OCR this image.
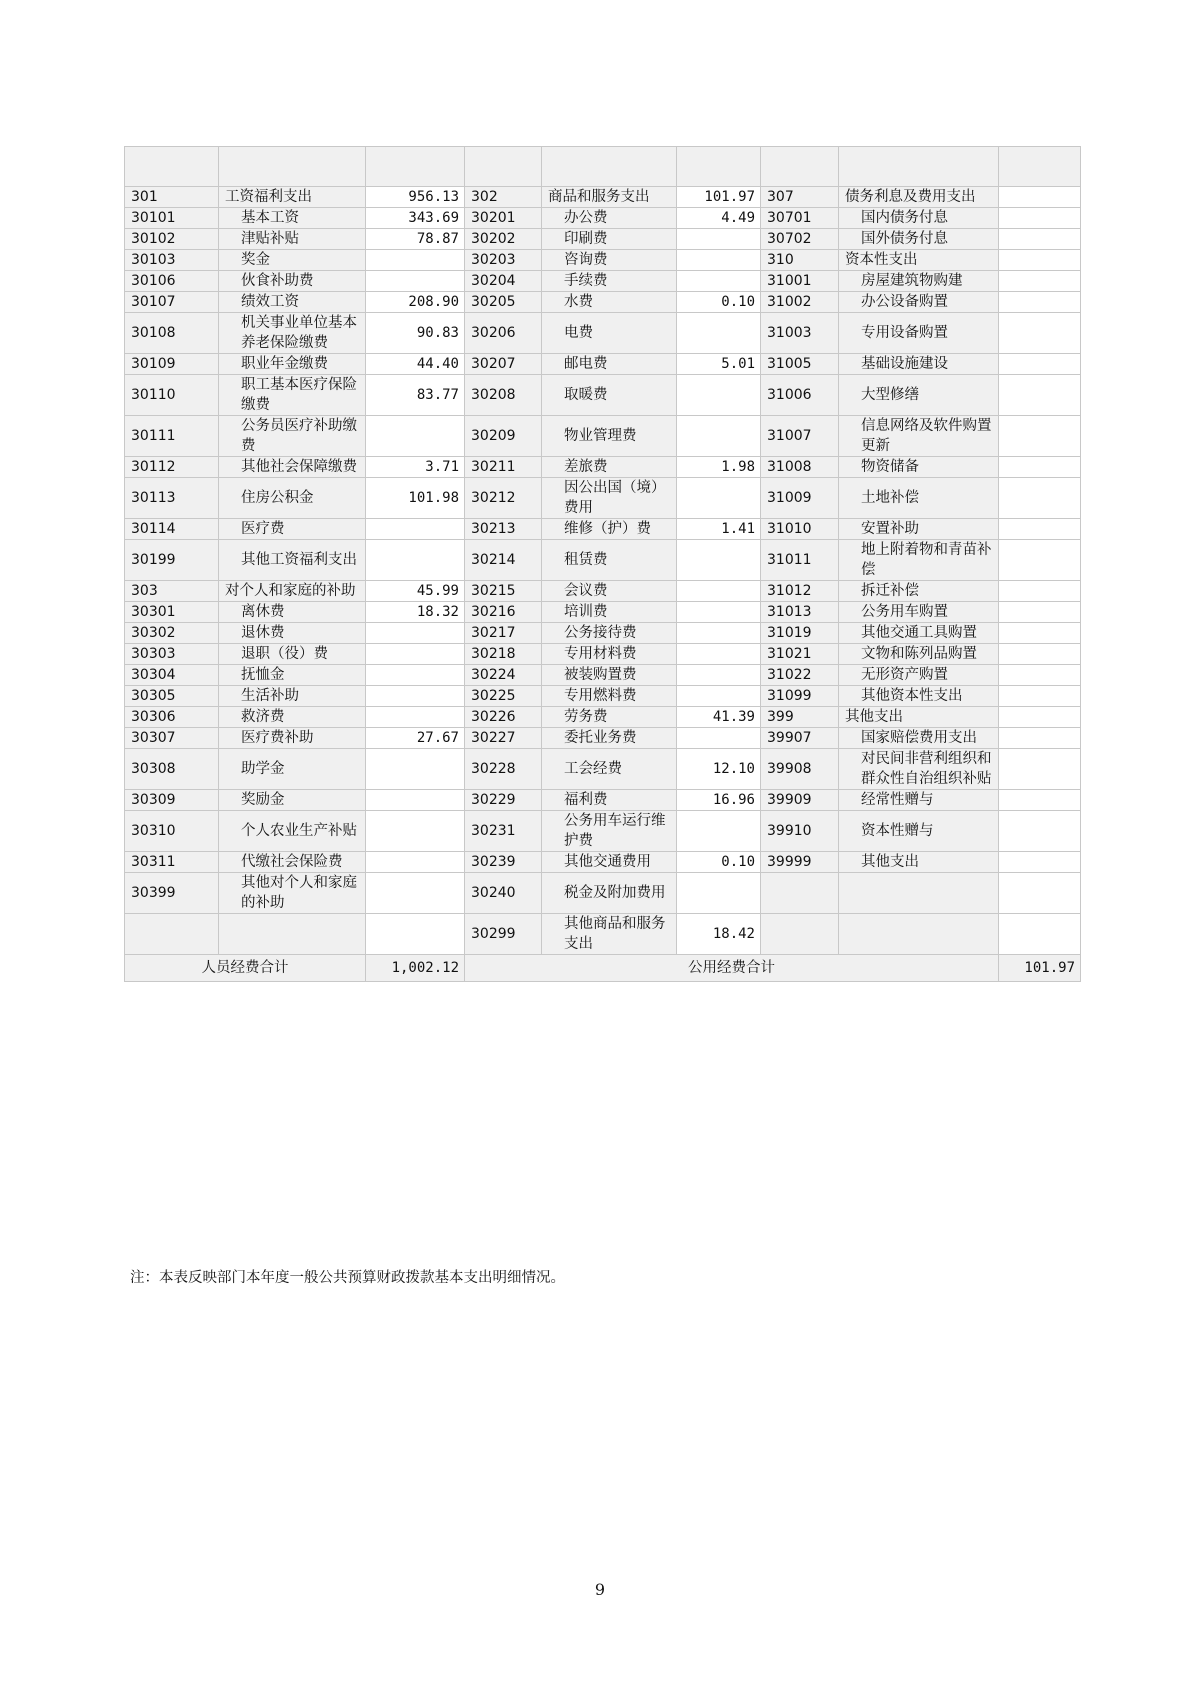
301	工资福利支出	956.13	302	商品和服务支出	101.97	307	债务利息及费用支出	
30101	基本工资	343.69	30201	办公费	4.49	30701	国内债务付息	
30102	津贴补贴	78.87	30202	印刷费		30702	国外债务付息	
30103	奖金		30203	咨询费		310	资本性支出	
30106	伙食补助费		30204	手续费		31001	房屋建筑物购建	
30107	绩效工资	208.90	30205	水费	0.10	31002	办公设备购置	
30108	机关事业单位基本养老保险缴费	90.83	30206	电费		31003	专用设备购置	
30109	职业年金缴费	44.40	30207	邮电费	5.01	31005	基础设施建设	
30110	职工基本医疗保险缴费	83.77	30208	取暖费		31006	大型修缮	
30111	公务员医疗补助缴费		30209	物业管理费		31007	信息网络及软件购置更新	
30112	其他社会保障缴费	3.71	30211	差旅费	1.98	31008	物资储备	
30113	住房公积金	101.98	30212	因公出国（境）费用		31009	土地补偿	
30114	医疗费		30213	维修（护）费	1.41	31010	安置补助	
30199	其他工资福利支出		30214	租赁费		31011	地上附着物和青苗补偿	
303	对个人和家庭的补助	45.99	30215	会议费		31012	拆迁补偿	
30301	离休费	18.32	30216	培训费		31013	公务用车购置	
30302	退休费		30217	公务接待费		31019	其他交通工具购置	
30303	退职（役）费		30218	专用材料费		31021	文物和陈列品购置	
30304	抚恤金		30224	被装购置费		31022	无形资产购置	
30305	生活补助		30225	专用燃料费		31099	其他资本性支出	
30306	救济费		30226	劳务费	41.39	399	其他支出	
30307	医疗费补助	27.67	30227	委托业务费		39907	国家赔偿费用支出	
30308	助学金		30228	工会经费	12.10	39908	对民间非营利组织和群众性自治组织补贴	
30309	奖励金		30229	福利费	16.96	39909	经常性赠与	
30310	个人农业生产补贴		30231	公务用车运行维护费		39910	资本性赠与	
30311	代缴社会保险费		30239	其他交通费用	0.10	39999	其他支出	
30399	其他对个人和家庭的补助		30240	税金及附加费用				
			30299	其他商品和服务支出	18.42			
人员经费合计		1,002.12	公用经费合计					101.97
注：本表反映部门本年度一般公共预算财政拨款基本支出明细情况。
9
